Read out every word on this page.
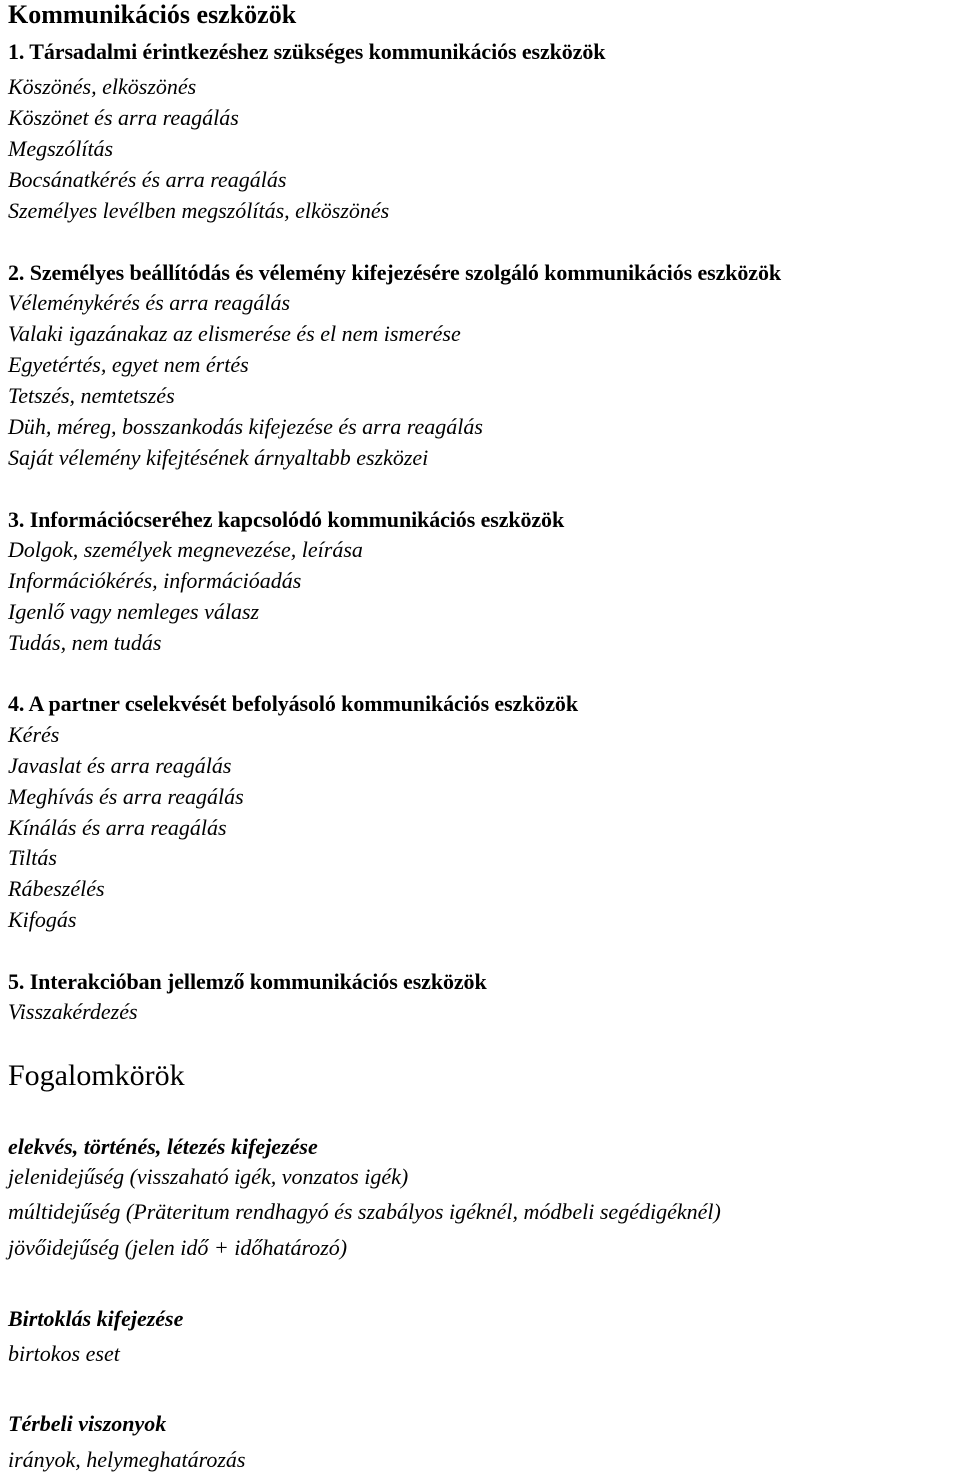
Kommunikációs eszközök
1. Társadalmi érintkezéshez szükséges kommunikációs eszközök
Köszönés, elköszönés
Köszönet és arra reagálás
Megszólítás
Bocsánatkérés és arra reagálás
Személyes levélben megszólítás, elköszönés
2. Személyes beállítódás és vélemény kifejezésére szolgáló kommunikációs eszközök
Véleménykérés és arra reagálás
Valaki igazánakaz az elismerése és el nem ismerése
Egyetértés, egyet nem értés
Tetszés, nemtetszés
Düh, méreg, bosszankodás kifejezése és arra reagálás
Saját vélemény kifejtésének árnyaltabb eszközei
3. Információcseréhez kapcsolódó kommunikációs eszközök
Dolgok, személyek megnevezése, leírása
Információkérés, információadás
Igenlő vagy nemleges válasz
Tudás, nem tudás
4. A partner cselekvését befolyásoló kommunikációs eszközök
Kérés
Javaslat és arra reagálás
Meghívás és arra reagálás
Kínálás és arra reagálás
Tiltás
Rábeszélés
Kifogás
5. Interakcióban jellemző kommunikációs eszközök
Visszakérdezés
Fogalomkörök
elekvés, történés, létezés kifejezése
jelenidejűség (visszaható igék, vonzatos igék)
múltidejűség (Präteritum rendhagyó és szabályos igéknél, módbeli segédigéknél)
jövőidejűség (jelen idő + időhatározó)
Birtoklás kifejezése
birtokos eset
Térbeli viszonyok
irányok, helymeghatározás
